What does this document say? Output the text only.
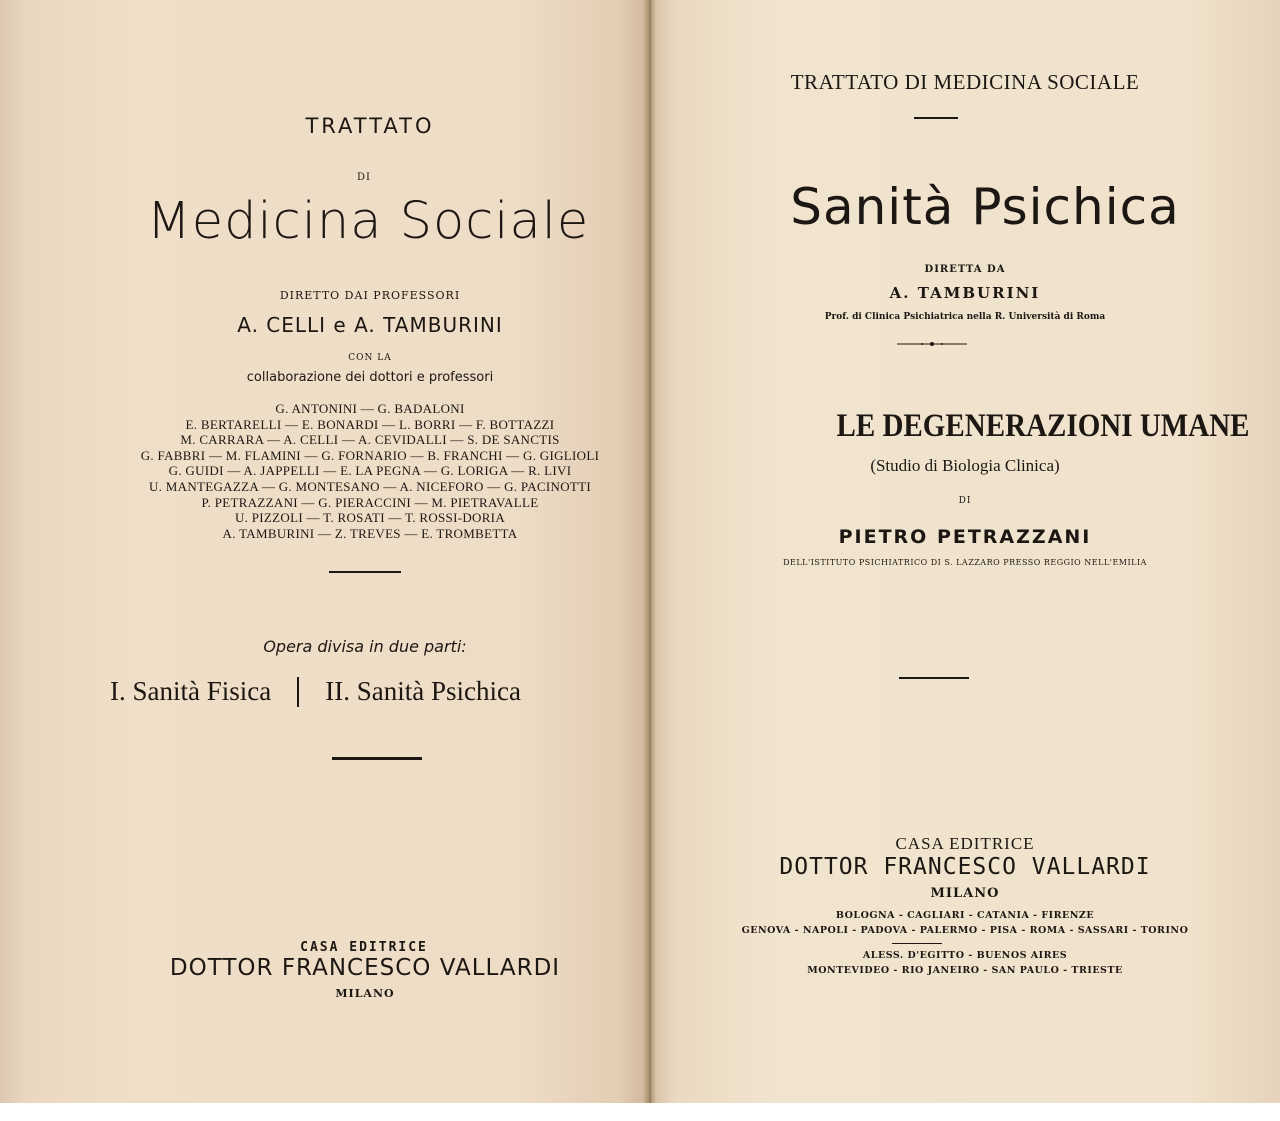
TRATTATO
DI
Medicina Sociale
DIRETTO DAI PROFESSORI
A. CELLI e A. TAMBURINI
CON LA
collaborazione dei dottori e professori
G. ANTONINI — G. BADALONI
E. BERTARELLI — E. BONARDI — L. BORRI — F. BOTTAZZI
M. CARRARA — A. CELLI — A. CEVIDALLI — S. DE SANCTIS
G. FABBRI — M. FLAMINI — G. FORNARIO — B. FRANCHI — G. GIGLIOLI
G. GUIDI — A. JAPPELLI — E. LA PEGNA — G. LORIGA — R. LIVI
U. MANTEGAZZA — G. MONTESANO — A. NICEFORO — G. PACINOTTI
P. PETRAZZANI — G. PIERACCINI — M. PIETRAVALLE
U. PIZZOLI — T. ROSATI — T. ROSSI-DORIA
A. TAMBURINI — Z. TREVES — E. TROMBETTA
Opera divisa in due parti:
I. Sanità Fisica II. Sanità Psichica
CASA EDITRICE
DOTTOR FRANCESCO VALLARDI
MILANO
TRATTATO DI MEDICINA SOCIALE
Sanità Psichica
DIRETTA DA
A. TAMBURINI
Prof. di Clinica Psichiatrica nella R. Università di Roma
LE DEGENERAZIONI UMANE
(Studio di Biologia Clinica)
DI
PIETRO PETRAZZANI
DELL'ISTITUTO PSICHIATRICO DI S. LAZZARO PRESSO REGGIO NELL'EMILIA
CASA EDITRICE
DOTTOR FRANCESCO VALLARDI
MILANO
BOLOGNA - CAGLIARI - CATANIA - FIRENZE
GENOVA - NAPOLI - PADOVA - PALERMO - PISA - ROMA - SASSARI - TORINO
ALESS. D'EGITTO - BUENOS AIRES
MONTEVIDEO - RIO JANEIRO - SAN PAULO - TRIESTE
